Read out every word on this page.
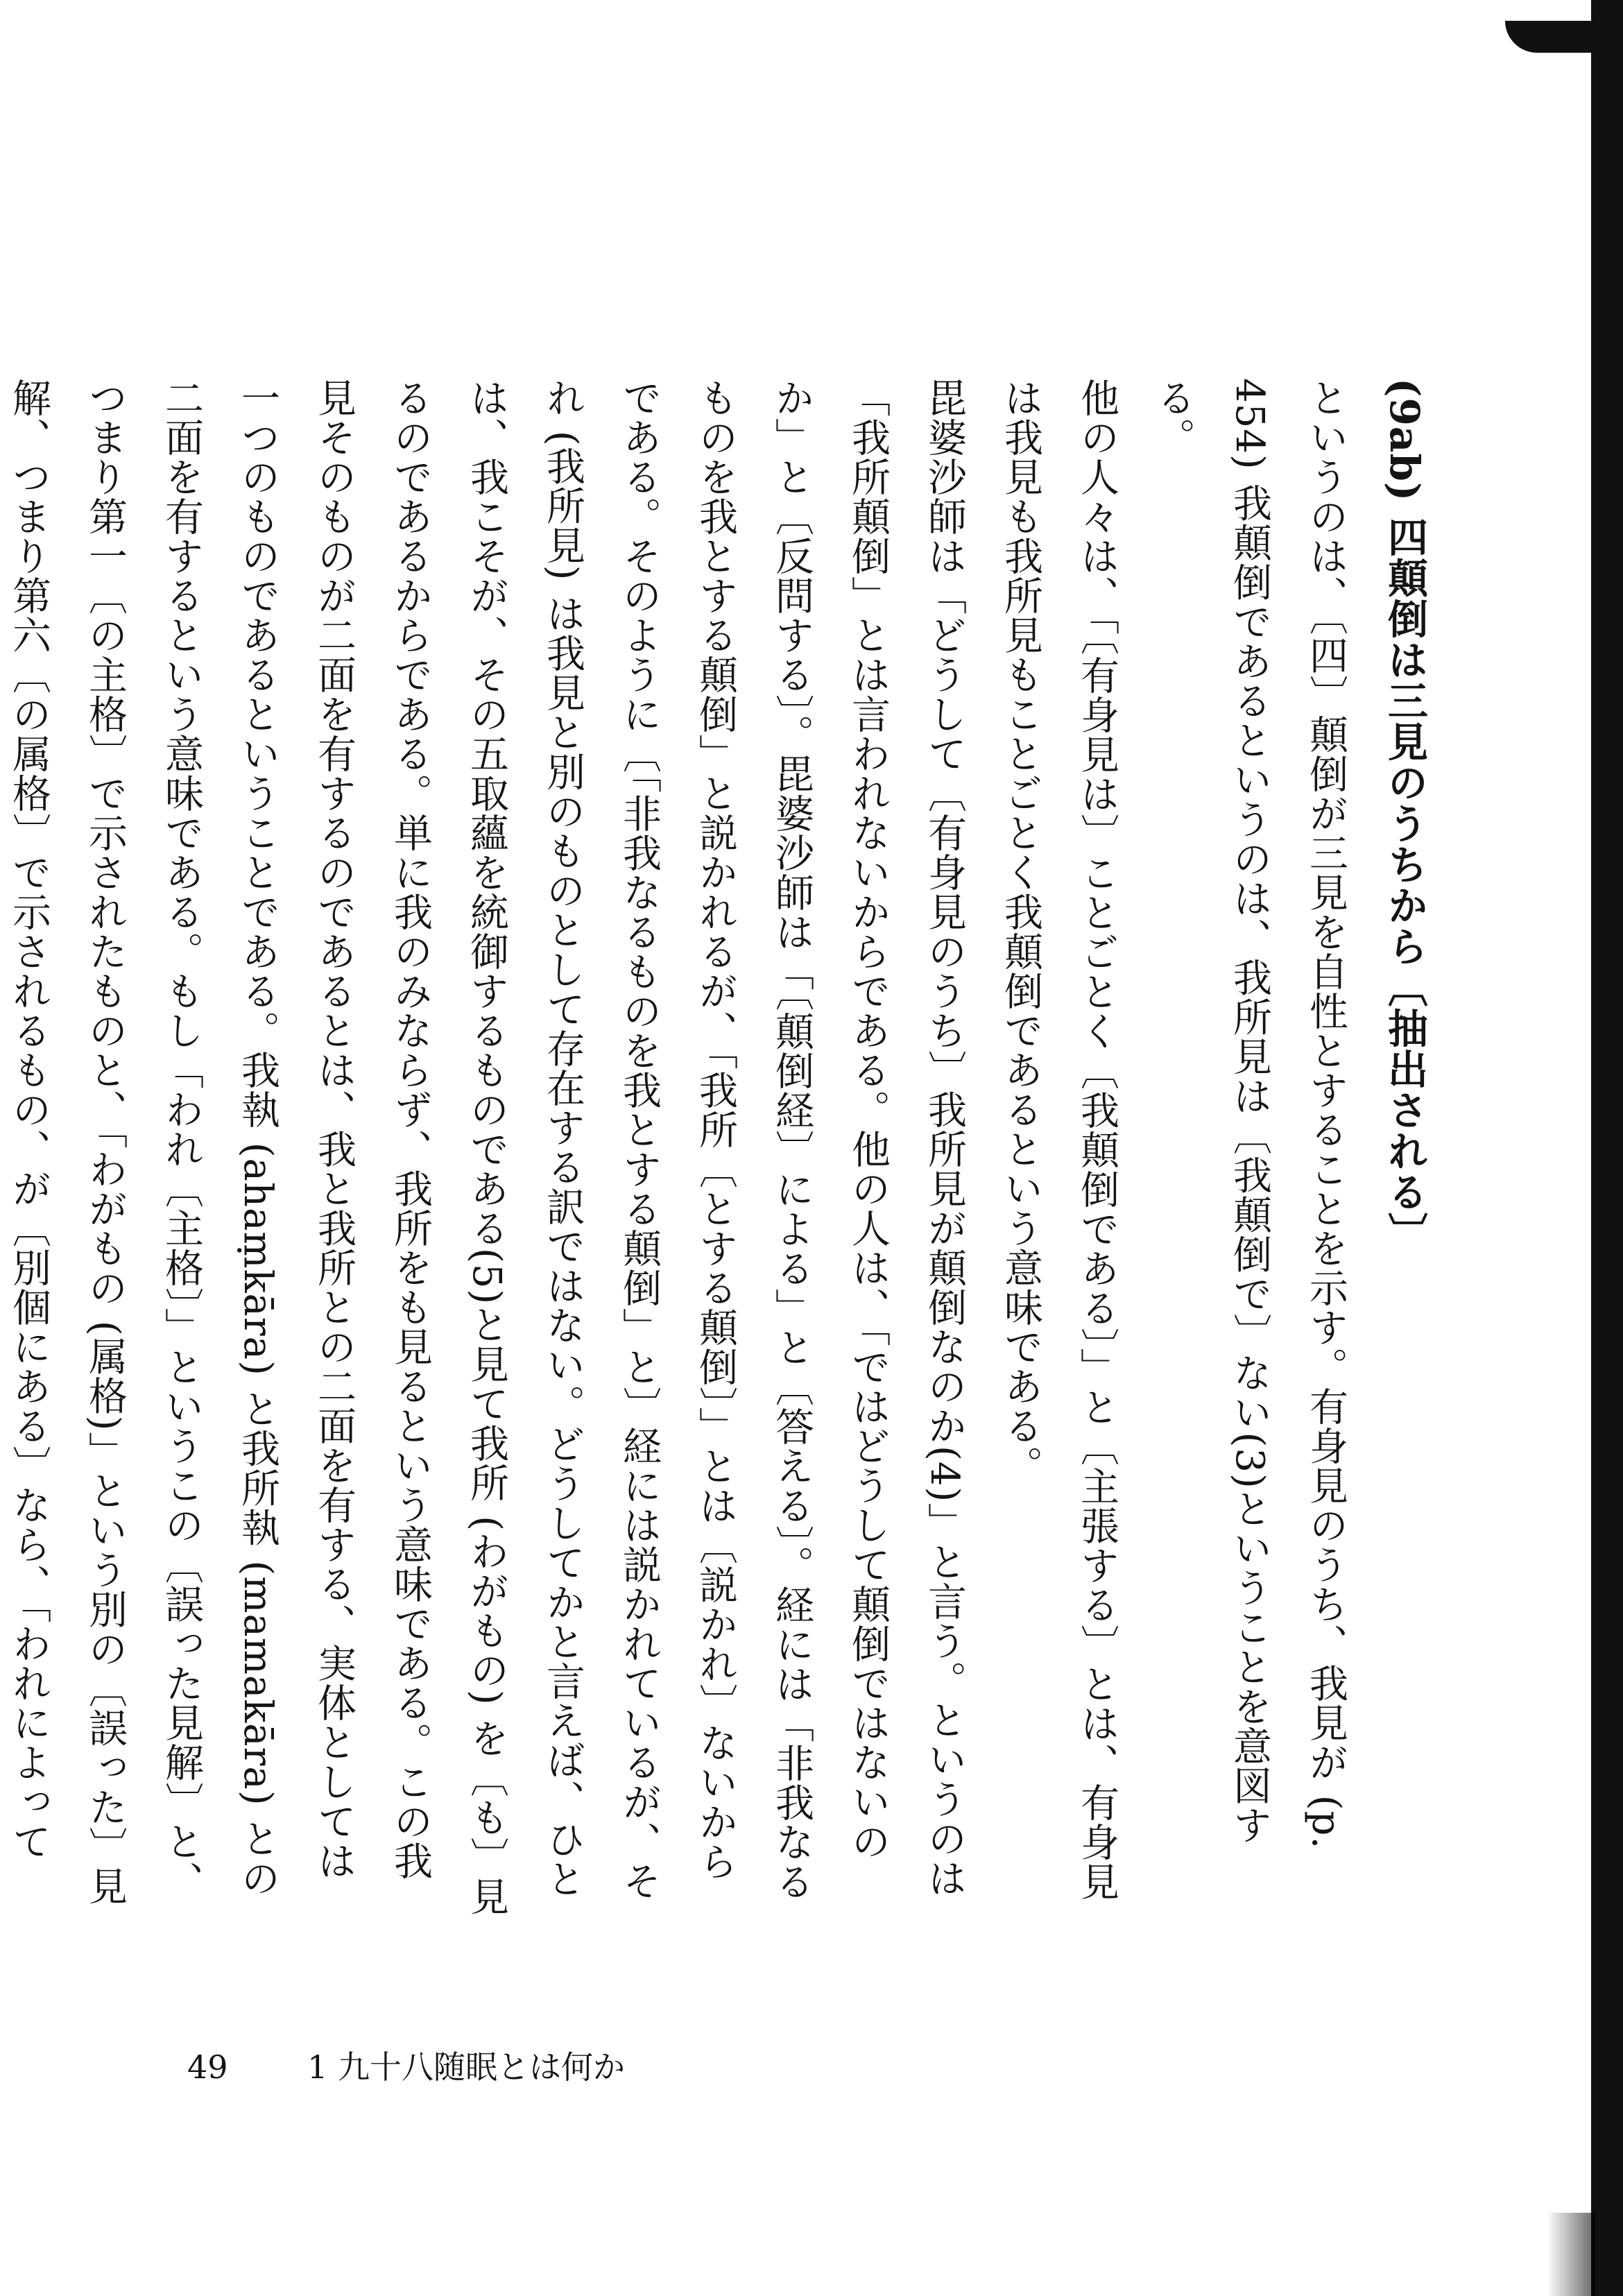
(9ab) 四顛倒は三見のうちから〔抽出される〕

というのは、〔四〕顛倒が三見を自性とすることを示す。有身見のうち、我見が (p. 454) 我顛倒であるというのは、我所見は〔我顛倒で〕ない(3)ということを意図する。

他の人々は、「〔有身見は〕ことごとく〔我顛倒である〕」と〔主張する〕とは、有身見は我見も我所見もことごとく我顛倒であるという意味である。

毘婆沙師は「どうして〔有身見のうち〕我所見が顛倒なのか(4)」と言う。というのは「我所顛倒」とは言われないからである。他の人は、「ではどうして顛倒ではないのか」と〔反問する〕。毘婆沙師は「〔顛倒経〕による」と〔答える〕。経には「非我なるものを我とする顛倒」と説かれるが、「我所〔とする顛倒〕」とは〔説かれ〕ないからである。そのように〔「非我なるものを我とする顛倒」と〕経には説かれているが、それ (我所見) は我見と別のものとして存在する訳ではない。どうしてかと言えば、ひとは、我こそが、その五取蘊を統御するものである(5)と見て我所 (わがもの) を〔も〕見るのであるからである。単に我のみならず、我所をも見るという意味である。この我見そのものが二面を有するのであるとは、我と我所との二面を有する、実体としては一つのものであるということである。我執 (ahaṃkāra) と我所執 (mamakāra) との二面を有するという意味である。もし「われ〔主格〕」というこの〔誤った見解〕と、つまり第一〔の主格〕で示されたものと、「わがもの (属格)」という別の〔誤った〕見解、つまり第六〔の属格〕で示されるもの、が〔別個にある〕なら、「われによって

49 1 九十八随眠とは何か
